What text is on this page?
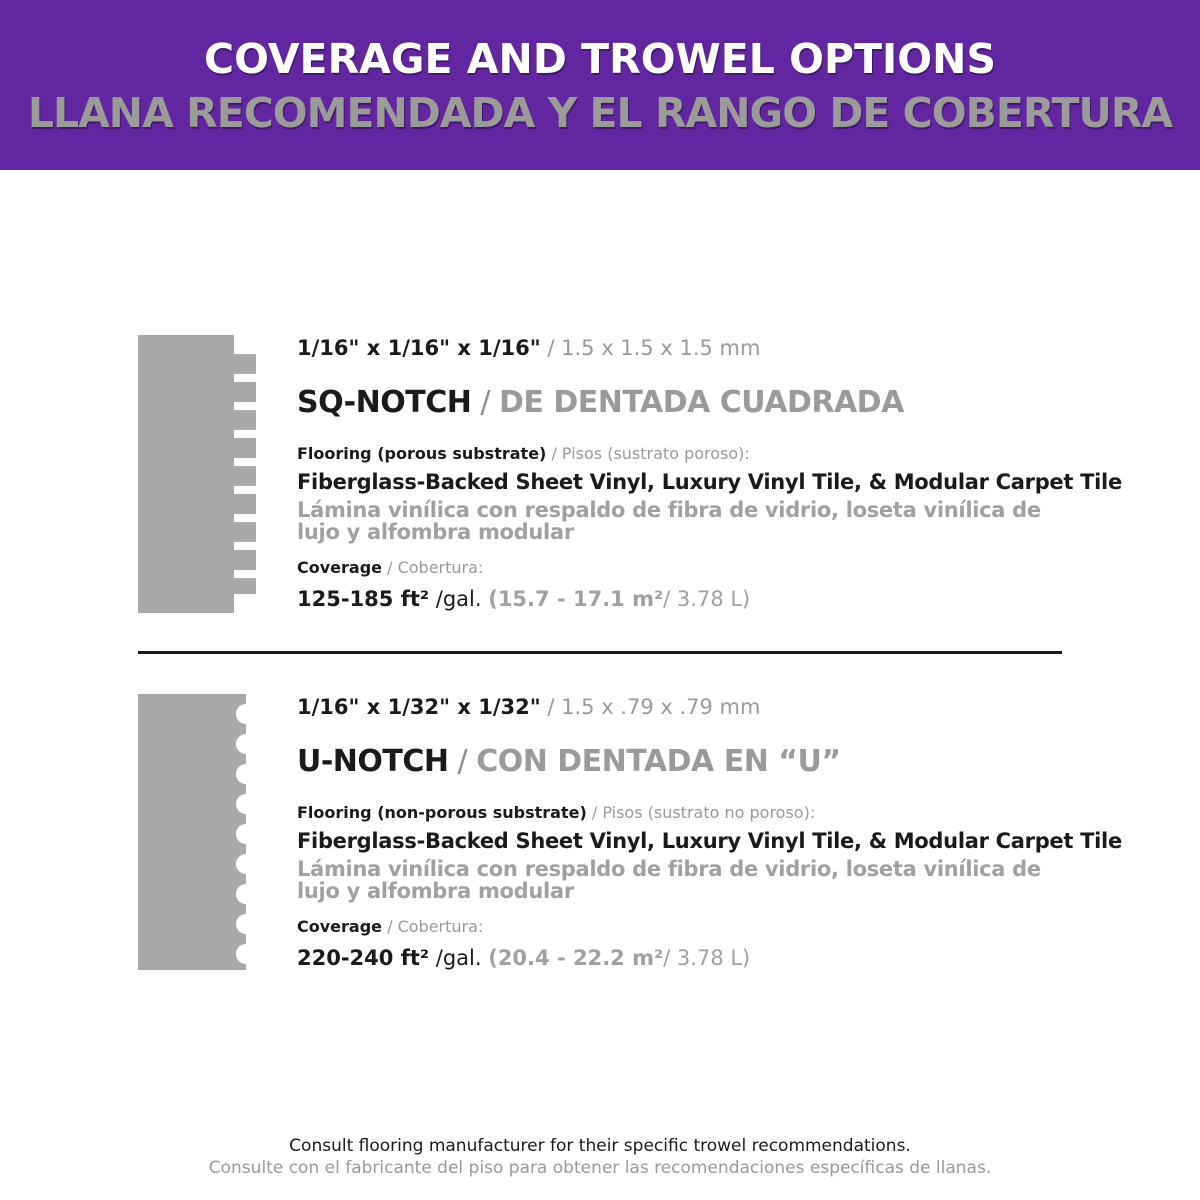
COVERAGE AND TROWEL OPTIONS
LLANA RECOMENDADA Y EL RANGO DE COBERTURA
1/16" x 1/16" x 1/16" / 1.5 x 1.5 x 1.5 mm
SQ-NOTCH / DE DENTADA CUADRADA
Flooring (porous substrate) / Pisos (sustrato poroso):
Fiberglass-Backed Sheet Vinyl, Luxury Vinyl Tile, & Modular Carpet Tile
Lámina vinílica con respaldo de fibra de vidrio, loseta vinílica de lujo y alfombra modular
Coverage / Cobertura:
125-185 ft² /gal. (15.7 - 17.1 m²/ 3.78 L)
1/16" x 1/32" x 1/32" / 1.5 x .79 x .79 mm
U-NOTCH / CON DENTADA EN “U”
Flooring (non-porous substrate) / Pisos (sustrato no poroso):
Fiberglass-Backed Sheet Vinyl, Luxury Vinyl Tile, & Modular Carpet Tile
Lámina vinílica con respaldo de fibra de vidrio, loseta vinílica de lujo y alfombra modular
Coverage / Cobertura:
220-240 ft² /gal. (20.4 - 22.2 m²/ 3.78 L)
Consult flooring manufacturer for their specific trowel recommendations.
Consulte con el fabricante del piso para obtener las recomendaciones específicas de llanas.
